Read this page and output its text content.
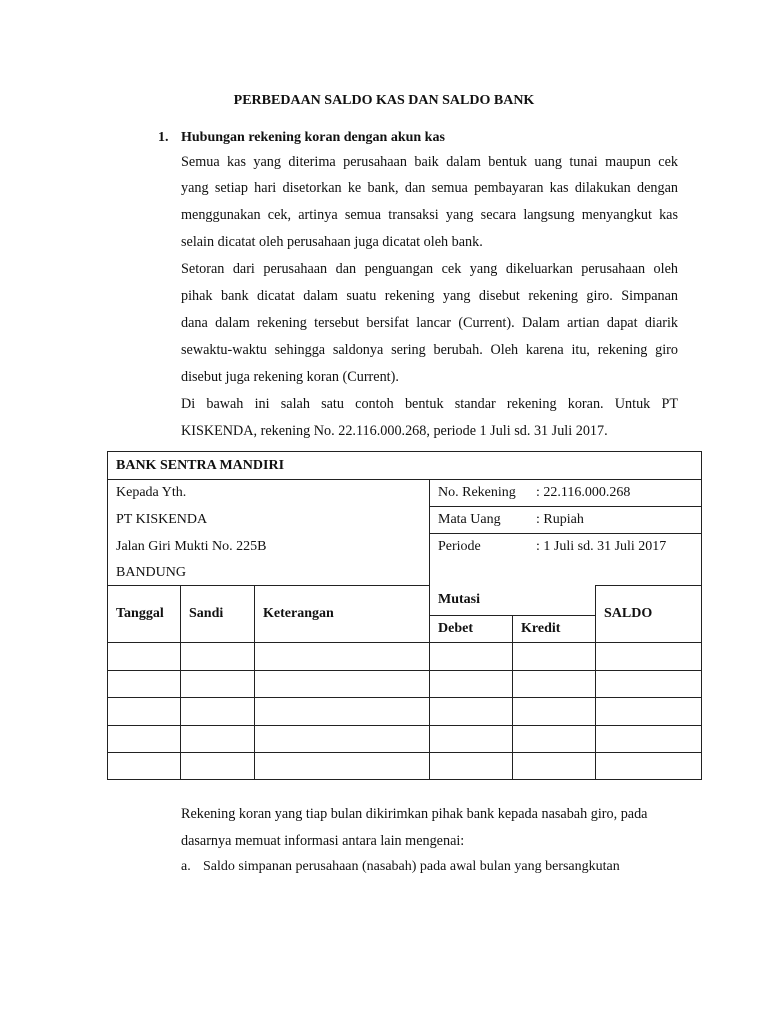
PERBEDAAN SALDO KAS DAN SALDO BANK
1. Hubungan rekening koran dengan akun kas
Semua kas yang diterima perusahaan baik dalam bentuk uang tunai maupun cek
yang setiap hari disetorkan ke bank, dan semua pembayaran kas dilakukan dengan
menggunakan cek, artinya semua transaksi yang secara langsung menyangkut kas
selain dicatat oleh perusahaan juga dicatat oleh bank.
Setoran dari perusahaan dan penguangan cek yang dikeluarkan perusahaan oleh
pihak bank dicatat dalam suatu rekening yang disebut rekening giro. Simpanan
dana dalam rekening tersebut bersifat lancar (Current). Dalam artian dapat diarik
sewaktu-waktu sehingga saldonya sering berubah. Oleh karena itu, rekening giro
disebut juga rekening koran (Current).
Di bawah ini salah satu contoh bentuk standar rekening koran. Untuk PT
KISKENDA, rekening No. 22.116.000.268, periode 1 Juli sd. 31 Juli 2017.
BANK SENTRA MANDIRI					
Kepada Yth.			No. Rekening : 22.116.000.268		
PT KISKENDA			Mata Uang : Rupiah		
Jalan Giri Mukti No. 225B			Periode : 1 Juli sd. 31 Juli 2017		
BANDUNG					
Tanggal	Sandi	Keterangan	Mutasi		SALDO
			Debet	Kredit	

Rekening koran yang tiap bulan dikirimkan pihak bank kepada nasabah giro, pada
dasarnya memuat informasi antara lain mengenai:
a. Saldo simpanan perusahaan (nasabah) pada awal bulan yang bersangkutan
